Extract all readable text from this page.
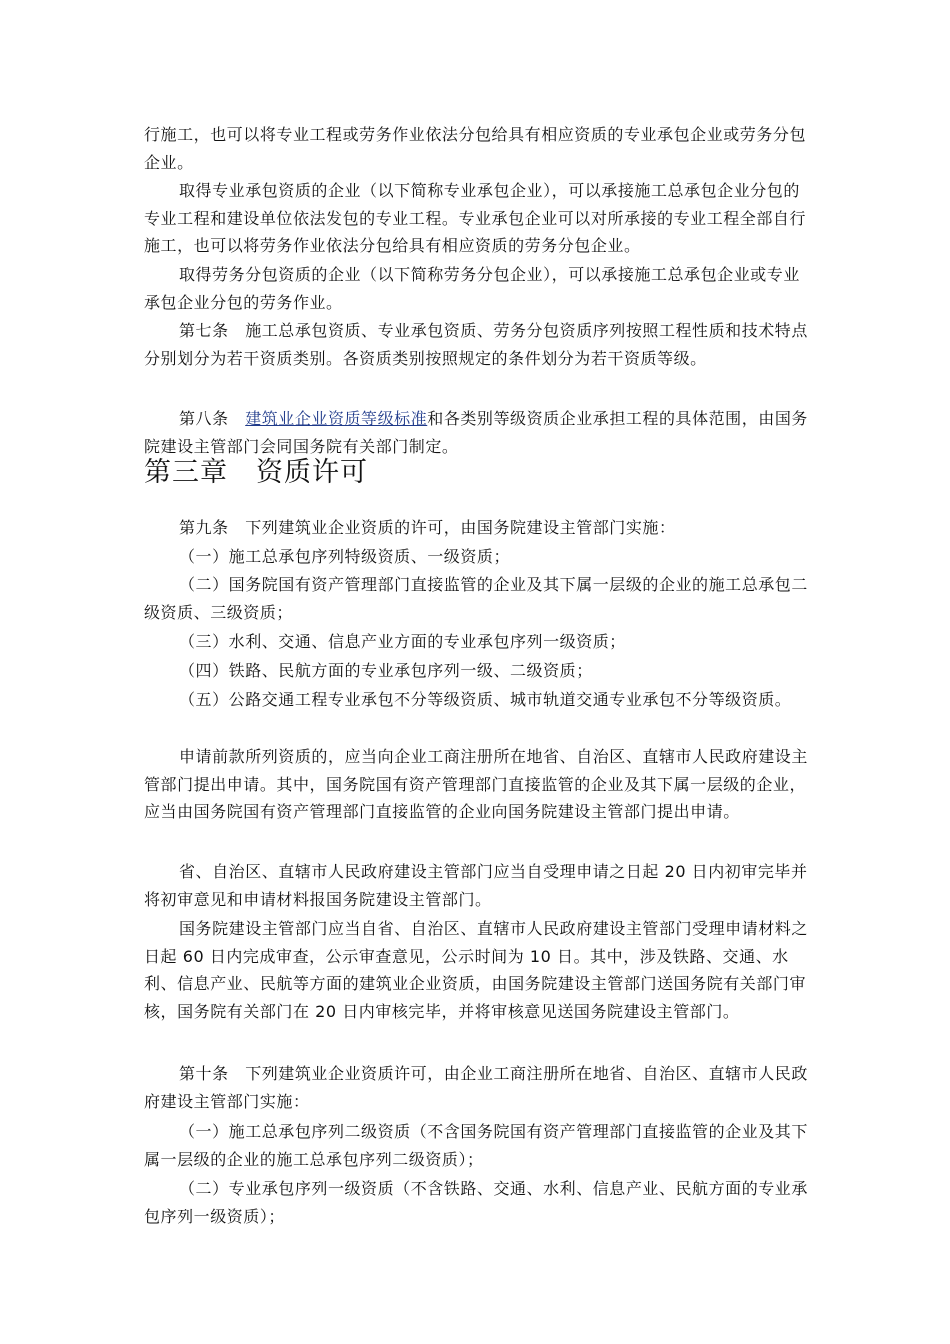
行施工，也可以将专业工程或劳务作业依法分包给具有相应资质的专业承包企业或劳务分包企业。

取得专业承包资质的企业（以下简称专业承包企业），可以承接施工总承包企业分包的专业工程和建设单位依法发包的专业工程。专业承包企业可以对所承接的专业工程全部自行施工，也可以将劳务作业依法分包给具有相应资质的劳务分包企业。

取得劳务分包资质的企业（以下简称劳务分包企业），可以承接施工总承包企业或专业承包企业分包的劳务作业。

第七条　施工总承包资质、专业承包资质、劳务分包资质序列按照工程性质和技术特点分别划分为若干资质类别。各资质类别按照规定的条件划分为若干资质等级。

第八条　建筑业企业资质等级标准和各类别等级资质企业承担工程的具体范围，由国务院建设主管部门会同国务院有关部门制定。

第三章　资质许可

第九条　下列建筑业企业资质的许可，由国务院建设主管部门实施：

（一）施工总承包序列特级资质、一级资质；

（二）国务院国有资产管理部门直接监管的企业及其下属一层级的企业的施工总承包二级资质、三级资质；

（三）水利、交通、信息产业方面的专业承包序列一级资质；

（四）铁路、民航方面的专业承包序列一级、二级资质；

（五）公路交通工程专业承包不分等级资质、城市轨道交通专业承包不分等级资质。

申请前款所列资质的，应当向企业工商注册所在地省、自治区、直辖市人民政府建设主管部门提出申请。其中，国务院国有资产管理部门直接监管的企业及其下属一层级的企业，应当由国务院国有资产管理部门直接监管的企业向国务院建设主管部门提出申请。

省、自治区、直辖市人民政府建设主管部门应当自受理申请之日起 20 日内初审完毕并将初审意见和申请材料报国务院建设主管部门。

国务院建设主管部门应当自省、自治区、直辖市人民政府建设主管部门受理申请材料之日起 60 日内完成审查，公示审查意见，公示时间为 10 日。其中，涉及铁路、交通、水利、信息产业、民航等方面的建筑业企业资质，由国务院建设主管部门送国务院有关部门审核，国务院有关部门在 20 日内审核完毕，并将审核意见送国务院建设主管部门。

第十条　下列建筑业企业资质许可，由企业工商注册所在地省、自治区、直辖市人民政府建设主管部门实施：

（一）施工总承包序列二级资质（不含国务院国有资产管理部门直接监管的企业及其下属一层级的企业的施工总承包序列二级资质）；

（二）专业承包序列一级资质（不含铁路、交通、水利、信息产业、民航方面的专业承包序列一级资质）；
